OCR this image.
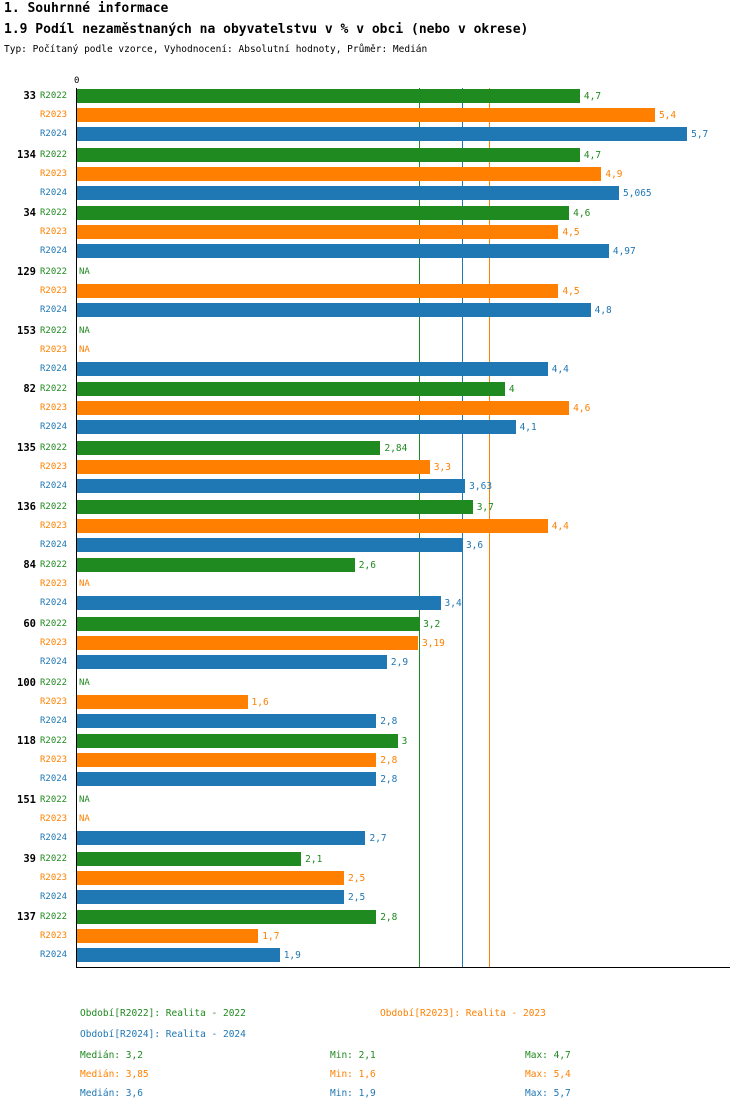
1. Souhrnné informace
1.9 Podíl nezaměstnaných na obyvatelstvu v % v obci (nebo v okrese)
Typ: Počítaný podle vzorce, Vyhodnocení: Absolutní hodnoty, Průměr: Medián
0
33 R2022	4,7
R2023	5,4
R2024	5,7
134 R2022	4,7
R2023	4,9
R2024	5,065
34 R2022	4,6
R2023	4,5
R2024	4,97
129 R2022	NA
R2023	4,5
R2024	4,8
153 R2022	NA
R2023	NA
R2024	4,4
82 R2022	4
R2023	4,6
R2024	4,1
135 R2022	2,84
R2023	3,3
R2024	3,63
136 R2022	3,7
R2023	4,4
R2024	3,6
84 R2022	2,6
R2023	NA
R2024	3,4
60 R2022	3,2
R2023	3,19
R2024	2,9
100 R2022	NA
R2023	1,6
R2024	2,8
118 R2022	3
R2023	2,8
R2024	2,8
151 R2022	NA
R2023	NA
R2024	2,7
39 R2022	2,1
R2023	2,5
R2024	2,5
137 R2022	2,8
R2023	1,7
R2024	1,9
Období[R2022]: Realita - 2022	Období[R2023]: Realita - 2023
Období[R2024]: Realita - 2024
Medián: 3,2	Min: 2,1	Max: 4,7
Medián: 3,85	Min: 1,6	Max: 5,4
Medián: 3,6	Min: 1,9	Max: 5,7
